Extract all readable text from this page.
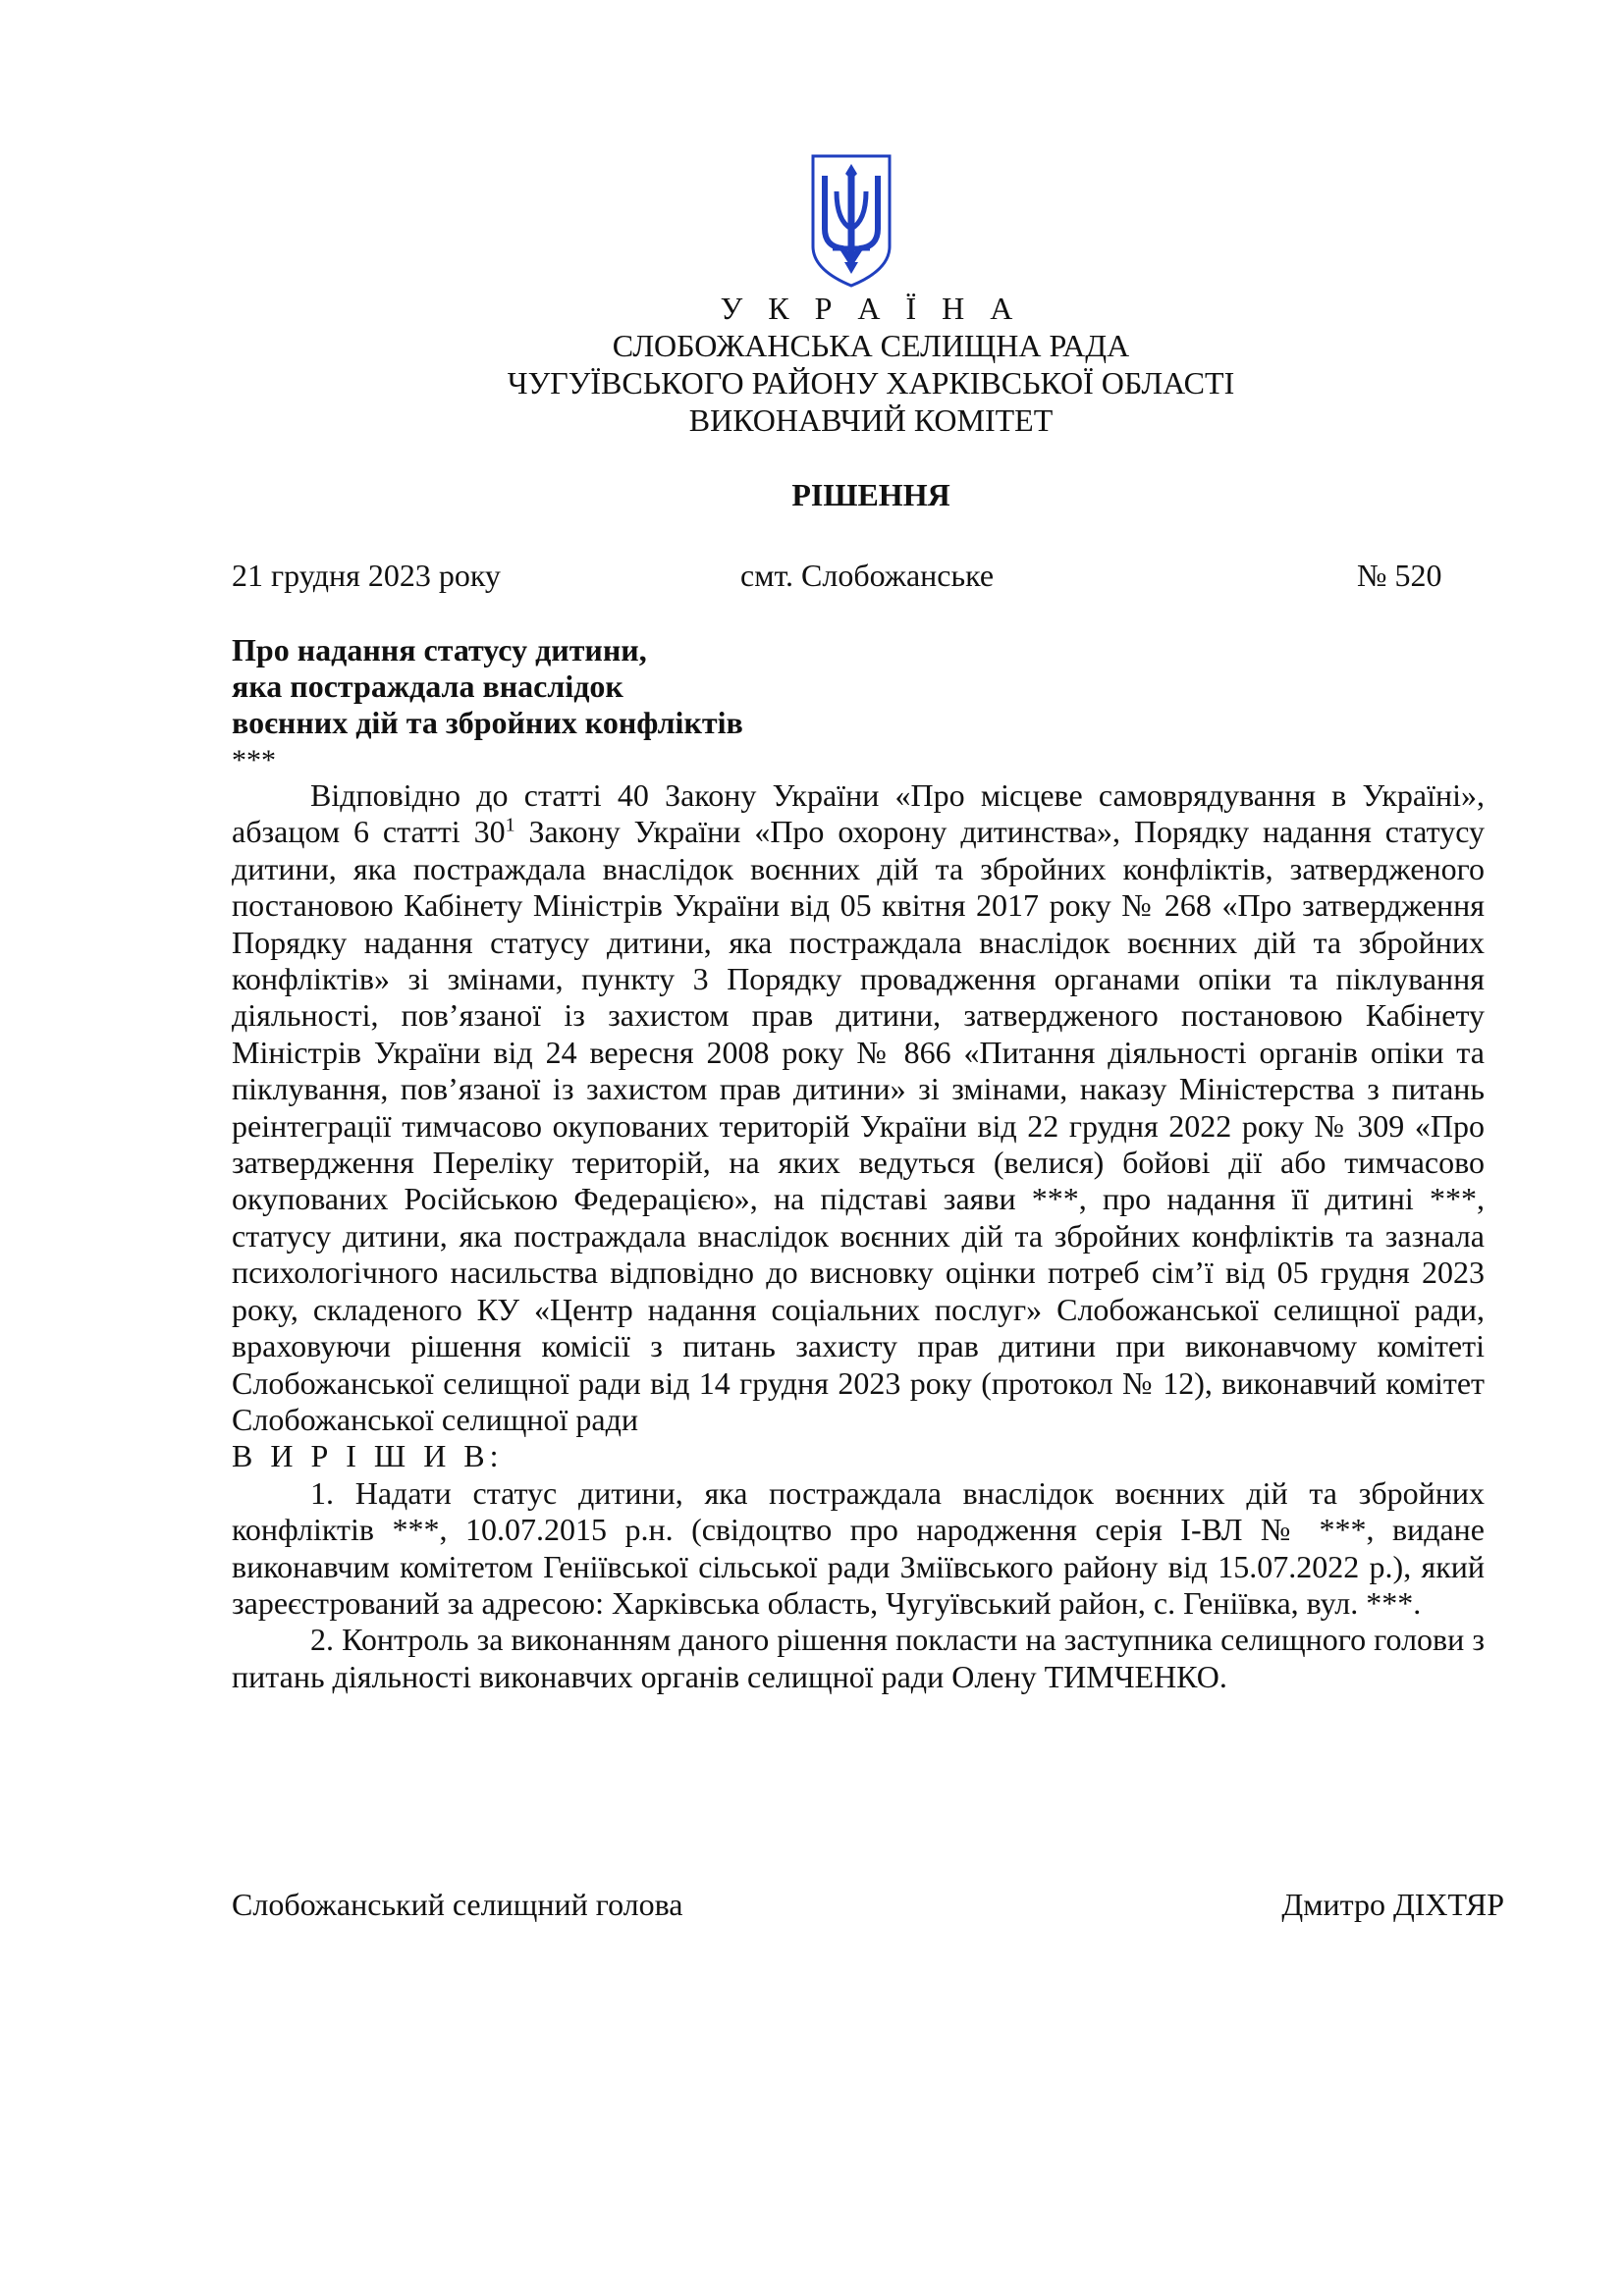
У К Р А Ї Н А
СЛОБОЖАНСЬКА СЕЛИЩНА РАДА
ЧУГУЇВСЬКОГО РАЙОНУ ХАРКІВСЬКОЇ ОБЛАСТІ
ВИКОНАВЧИЙ КОМІТЕТ
РІШЕННЯ
21 грудня 2023 року	смт. Слобожанське	№ 520
Про надання статусу дитини,
яка постраждала внаслідок
воєнних дій та збройних конфліктів
***

Відповідно до статті 40 Закону України «Про місцеве самоврядування в Україні», абзацом 6 статті $30^1$ Закону України «Про охорону дитинства», Порядку надання статусу дитини, яка постраждала внаслідок воєнних дій та збройних конфліктів, затвердженого постановою Кабінету Міністрів України від 05 квітня 2017 року № 268 «Про затвердження Порядку надання статусу дитини, яка постраждала внаслідок воєнних дій та збройних конфліктів» зі змінами, пункту 3 Порядку провадження органами опіки та піклування діяльності, пов’язаної із захистом прав дитини, затвердженого постановою Кабінету Міністрів України від 24 вересня 2008 року № 866 «Питання діяльності органів опіки та піклування, пов’язаної із захистом прав дитини» зі змінами, наказу Міністерства з питань реінтеграції тимчасово окупованих територій України від 22 грудня 2022 року № 309 «Про затвердження Переліку територій, на яких ведуться (велися) бойові дії або тимчасово окупованих Російською Федерацією», на підставі заяви ***, про надання її дитині ***, статусу дитини, яка постраждала внаслідок воєнних дій та збройних конфліктів та зазнала психологічного насильства відповідно до висновку оцінки потреб сім’ї від 05 грудня 2023 року, складеного КУ «Центр надання соціальних послуг» Слобожанської селищної ради, враховуючи рішення комісії з питань захисту прав дитини при виконавчому комітеті Слобожанської селищної ради від 14 грудня 2023 року (протокол № 12), виконавчий комітет Слобожанської селищної ради

В И Р І Ш И В:

1. Надати статус дитини, яка постраждала внаслідок воєнних дій та збройних конфліктів ***, 10.07.2015 р.н. (свідоцтво про народження серія І-ВЛ № ***, видане виконавчим комітетом Геніївської сільської ради Зміївського району від 15.07.2022 р.), який зареєстрований за адресою: Харківська область, Чугуївський район, с. Геніївка, вул. ***.

2. Контроль за виконанням даного рішення покласти на заступника селищного голови з питань діяльності виконавчих органів селищної ради Олену ТИМЧЕНКО.

Слобожанський селищний голова	Дмитро ДІХТЯР
